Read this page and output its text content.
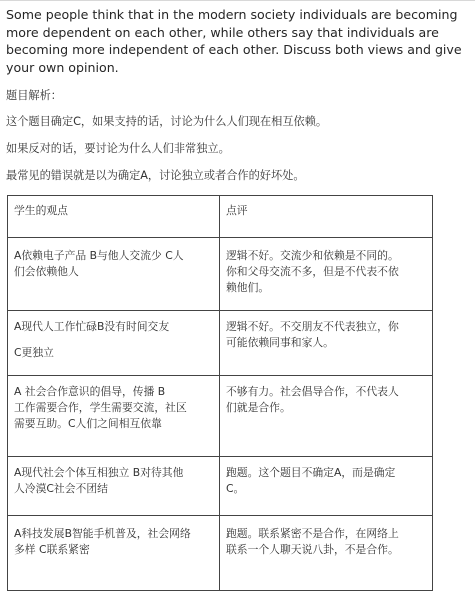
Some people think that in the modern society individuals are becoming more dependent on each other, while others say that individuals are becoming more independent of each other. Discuss both views and give your own opinion.

题目解析：

这个题目确定C，如果支持的话，讨论为什么人们现在相互依赖。

如果反对的话，要讨论为什么人们非常独立。

最常见的错误就是以为确定A，讨论独立或者合作的好坏处。

学生的观点	点评

A依赖电子产品 B与他人交流少 C人
们会依赖他人	逻辑不好。交流少和依赖是不同的。
你和父母交流不多，但是不代表不依
赖他们。

A现代人工作忙碌B没有时间交友
C更独立	逻辑不好。不交朋友不代表独立，你
可能依赖同事和家人。

A 社会合作意识的倡导，传播 B
工作需要合作，学生需要交流，社区
需要互助。C人们之间相互依靠	不够有力。社会倡导合作，不代表人
们就是合作。

A现代社会个体互相独立 B对待其他
人冷漠C社会不团结	跑题。这个题目不确定A，而是确定
C。

A科技发展B智能手机普及，社会网络
多样 C联系紧密	跑题。联系紧密不是合作，在网络上
联系一个人聊天说八卦，不是合作。
